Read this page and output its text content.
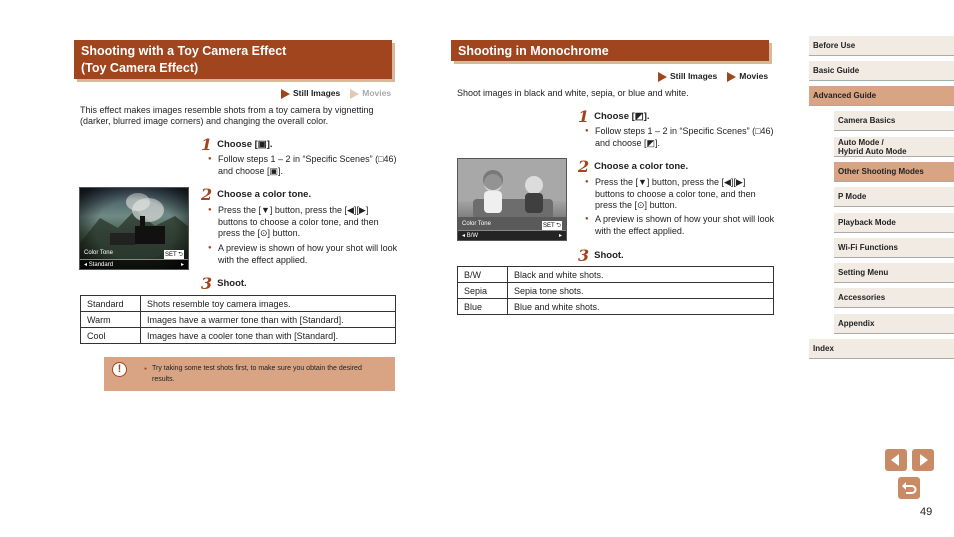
Shooting with a Toy Camera Effect
(Toy Camera Effect)
Still Images	Movies
This effect makes images resemble shots from a toy camera by vignetting (darker, blurred image corners) and changing the overall color.
1 Choose [▣].
● Follow steps 1 – 2 in “Specific Scenes” (□46) and choose [▣].
Color Tone	SET ⮌
◂ Standard	▸
2 Choose a color tone.
● Press the [▼] button, press the [◀][▶] buttons to choose a color tone, and then press the [⊙] button.
● A preview is shown of how your shot will look with the effect applied.
3 Shoot.
Standard	Shots resemble toy camera images.
Warm	Images have a warmer tone than with [Standard].
Cool	Images have a cooler tone than with [Standard].
!	● Try taking some test shots first, to make sure you obtain the desired results.
Shooting in Monochrome
Still Images	Movies
Shoot images in black and white, sepia, or blue and white.
1 Choose [◩].
● Follow steps 1 – 2 in “Specific Scenes” (□46) and choose [◩].
Color Tone	SET ⮌
◂ B/W	▸
2 Choose a color tone.
● Press the [▼] button, press the [◀][▶] buttons to choose a color tone, and then press the [⊙] button.
● A preview is shown of how your shot will look with the effect applied.
3 Shoot.
B/W	Black and white shots.
Sepia	Sepia tone shots.
Blue	Blue and white shots.
Before Use
Basic Guide
Advanced Guide
Camera Basics
Auto Mode /
Hybrid Auto Mode
Other Shooting Modes
P Mode
Playback Mode
Wi-Fi Functions
Setting Menu
Accessories
Appendix
Index
49
